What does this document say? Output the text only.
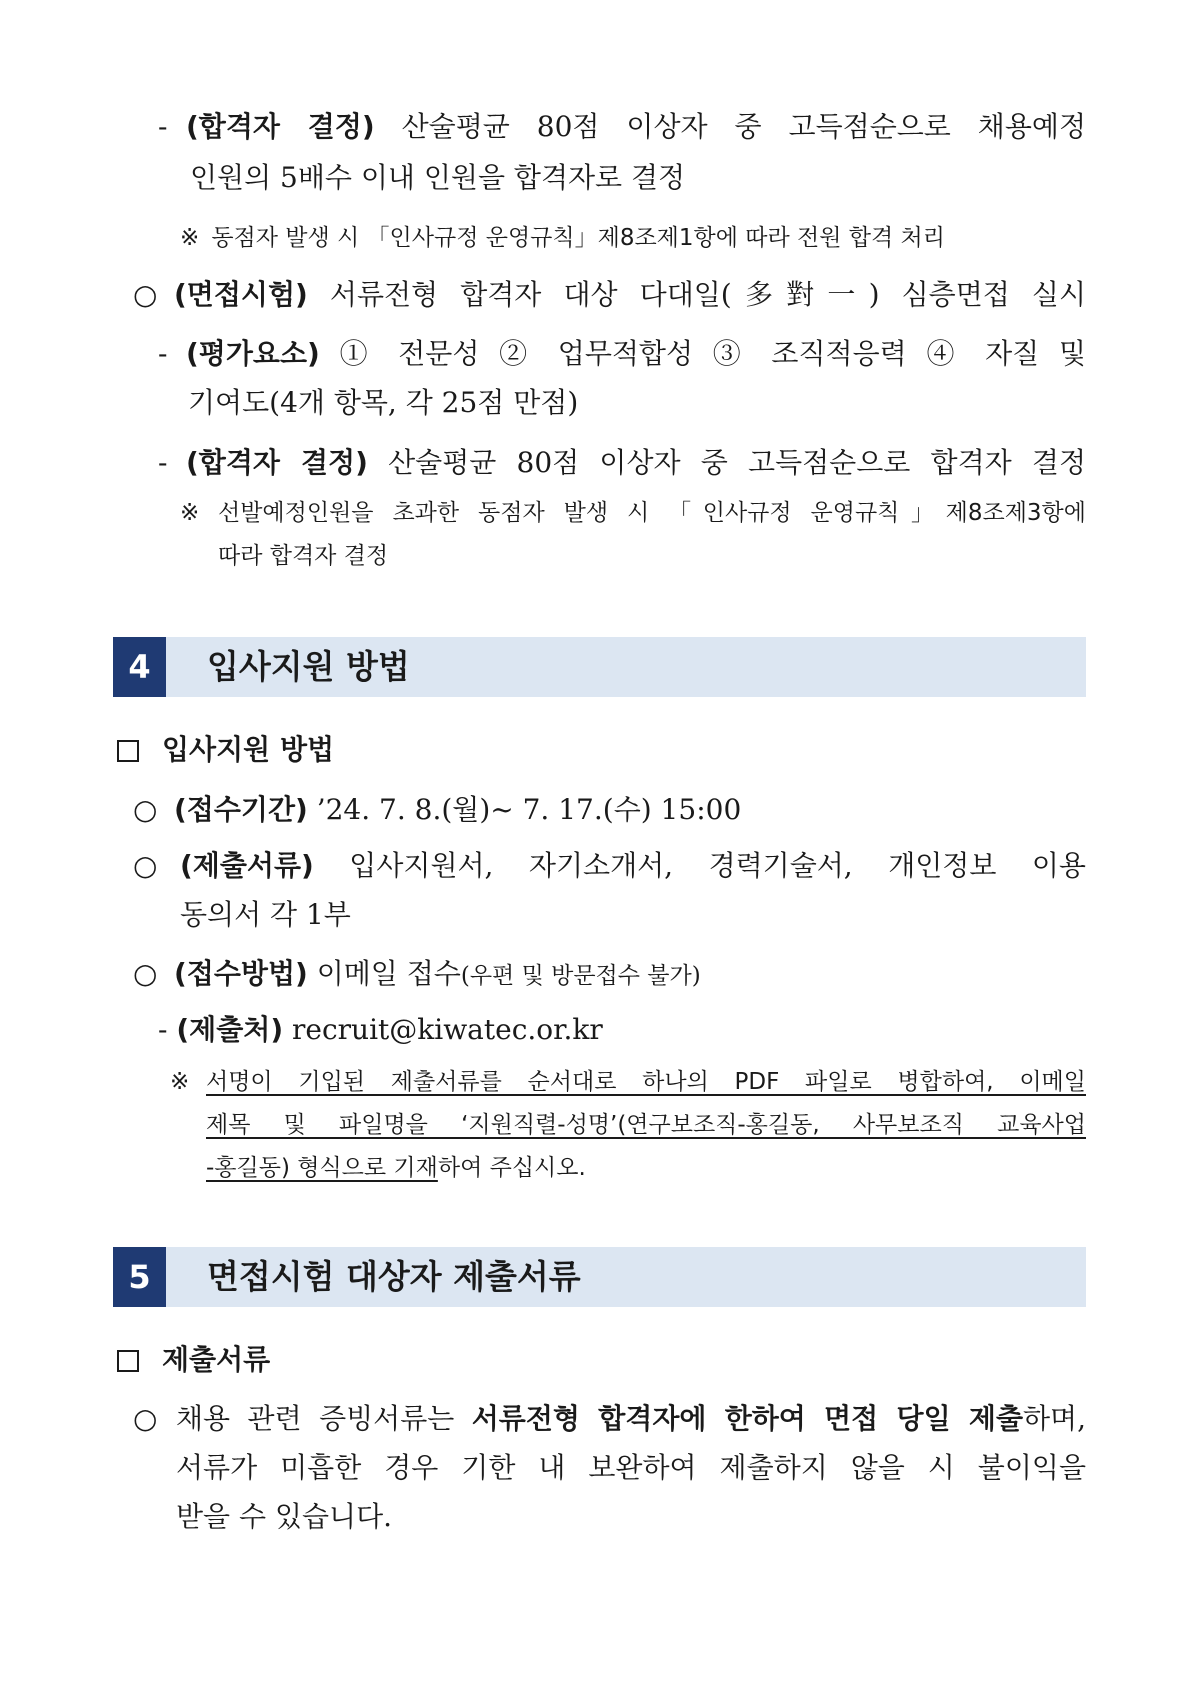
- (합격자 결정) 산술평균 80점 이상자 중 고득점순으로 채용예정
인원의 5배수 이내 인원을 합격자로 결정
※ 동점자 발생 시 「인사규정 운영규칙」제8조제1항에 따라 전원 합격 처리
○ (면접시험) 서류전형 합격자 대상 다대일(多對一) 심층면접 실시
- (평가요소) ① 전문성 ② 업무적합성 ③ 조직적응력 ④ 자질 및
기여도(4개 항목, 각 25점 만점)
- (합격자 결정) 산술평균 80점 이상자 중 고득점순으로 합격자 결정
※ 선발예정인원을 초과한 동점자 발생 시 「인사규정 운영규칙」제8조제3항에
따라 합격자 결정
4	입사지원 방법
입사지원 방법
○ (접수기간) ’24. 7. 8.(월)~ 7. 17.(수) 15:00
○ (제출서류) 입사지원서, 자기소개서, 경력기술서, 개인정보 이용
동의서 각 1부
○ (접수방법) 이메일 접수(우편 및 방문접수 불가)
- (제출처) recruit@kiwatec.or.kr
※ 서명이 기입된 제출서류를 순서대로 하나의 PDF 파일로 병합하여, 이메일
제목 및 파일명을 ‘지원직렬-성명’(연구보조직-홍길동, 사무보조직 교육사업
-홍길동) 형식으로 기재하여 주십시오.
5	면접시험 대상자 제출서류
제출서류
○ 채용 관련 증빙서류는 서류전형 합격자에 한하여 면접 당일 제출하며,
서류가 미흡한 경우 기한 내 보완하여 제출하지 않을 시 불이익을
받을 수 있습니다.
